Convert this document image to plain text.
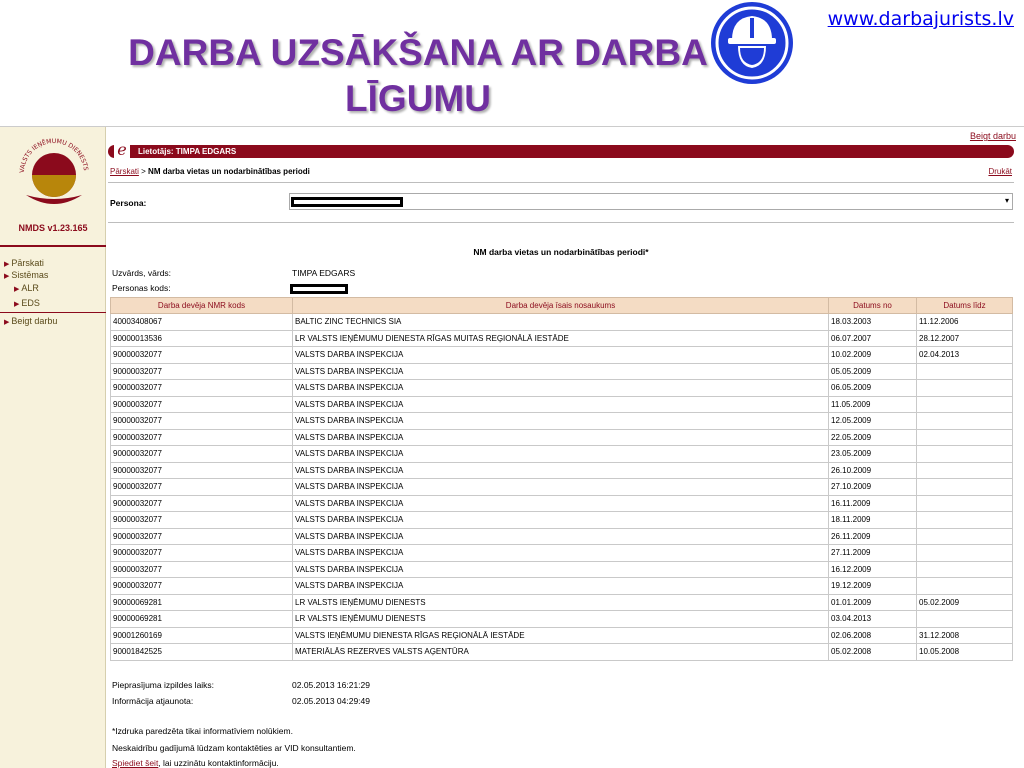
DARBA UZSĀKŠANA AR DARBA LĪGUMU
www.darbajurists.lv
VALSTS IEŅĒMUMU DIENESTS
NMDS v1.23.165
▶ Pārskati
▶ Sistēmas
▶ ALR
▶ EDS
▶ Beigt darbu
Beigt darbu
e	Lietotājs: TIMPA EDGARS
Pārskati > NM darba vietas un nodarbinātības periodi	Drukāt
Persona:	▾
NM darba vietas un nodarbinātības periodi*
Uzvārds, vārds:	TIMPA EDGARS
Personas kods:
Darba devēja NMR kods	Darba devēja īsais nosaukums	Datums no	Datums līdz
40003408067	BALTIC ZINC TECHNICS SIA	18.03.2003	11.12.2006
90000013536	LR VALSTS IEŅĒMUMU DIENESTA RĪGAS MUITAS REĢIONĀLĀ IESTĀDE	06.07.2007	28.12.2007
90000032077	VALSTS DARBA INSPEKCIJA	10.02.2009	02.04.2013
90000032077	VALSTS DARBA INSPEKCIJA	05.05.2009	
90000032077	VALSTS DARBA INSPEKCIJA	06.05.2009	
90000032077	VALSTS DARBA INSPEKCIJA	11.05.2009	
90000032077	VALSTS DARBA INSPEKCIJA	12.05.2009	
90000032077	VALSTS DARBA INSPEKCIJA	22.05.2009	
90000032077	VALSTS DARBA INSPEKCIJA	23.05.2009	
90000032077	VALSTS DARBA INSPEKCIJA	26.10.2009	
90000032077	VALSTS DARBA INSPEKCIJA	27.10.2009	
90000032077	VALSTS DARBA INSPEKCIJA	16.11.2009	
90000032077	VALSTS DARBA INSPEKCIJA	18.11.2009	
90000032077	VALSTS DARBA INSPEKCIJA	26.11.2009	
90000032077	VALSTS DARBA INSPEKCIJA	27.11.2009	
90000032077	VALSTS DARBA INSPEKCIJA	16.12.2009	
90000032077	VALSTS DARBA INSPEKCIJA	19.12.2009	
90000069281	LR VALSTS IEŅĒMUMU DIENESTS	01.01.2009	05.02.2009
90000069281	LR VALSTS IEŅĒMUMU DIENESTS	03.04.2013	
90001260169	VALSTS IEŅĒMUMU DIENESTA RĪGAS REĢIONĀLĀ IESTĀDE	02.06.2008	31.12.2008
90001842525	MATERIĀLĀS REZERVES VALSTS AĢENTŪRA	05.02.2008	10.05.2008
Pieprasījuma izpildes laiks:	02.05.2013 16:21:29
Informācija atjaunota:	02.05.2013 04:29:49
*Izdruka paredzēta tikai informatīviem nolūkiem.
Neskaidrību gadījumā lūdzam kontaktēties ar VID konsultantiem.
Spiediet šeit, lai uzzinātu kontaktinformāciju.
